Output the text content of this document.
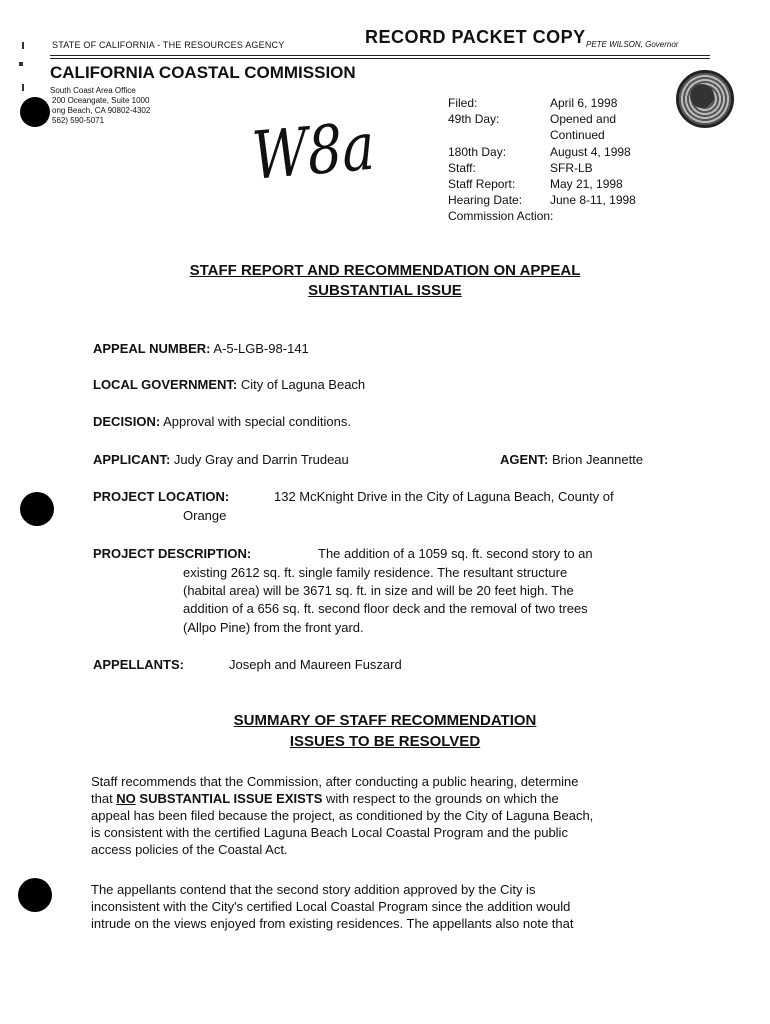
STATE OF CALIFORNIA - THE RESOURCES AGENCY	RECORD PACKET COPY PETE WILSON, Governor
CALIFORNIA COASTAL COMMISSION
South Coast Area Office
200 Oceangate, Suite 1000
ong Beach, CA 90802-4302
562) 590-5071 W8a
Filed:	April 6, 1998
49th Day:	Opened and
Continued
180th Day:	August 4, 1998
Staff:	SFR-LB
Staff Report:	May 21, 1998
Hearing Date: June 8-11, 1998
Commission Action:
STAFF REPORT AND RECOMMENDATION ON APPEAL
SUBSTANTIAL ISSUE
APPEAL NUMBER: A-5-LGB-98-141
LOCAL GOVERNMENT: City of Laguna Beach
DECISION: Approval with special conditions.
APPLICANT: Judy Gray and Darrin Trudeau	AGENT: Brion Jeannette
PROJECT LOCATION:	132 McKnight Drive in the City of Laguna Beach, County of
Orange
PROJECT DESCRIPTION:	The addition of a 1059 sq. ft. second story to an
existing 2612 sq. ft. single family residence. The resultant structure
(habital area) will be 3671 sq. ft. in size and will be 20 feet high. The
addition of a 656 sq. ft. second floor deck and the removal of two trees
(Allpo Pine) from the front yard.
APPELLANTS:	Joseph and Maureen Fuszard
SUMMARY OF STAFF RECOMMENDATION
ISSUES TO BE RESOLVED
Staff recommends that the Commission, after conducting a public hearing, determine
that NO SUBSTANTIAL ISSUE EXISTS with respect to the grounds on which the
appeal has been filed because the project, as conditioned by the City of Laguna Beach,
is consistent with the certified Laguna Beach Local Coastal Program and the public
access policies of the Coastal Act.
The appellants contend that the second story addition approved by the City is
inconsistent with the City's certified Local Coastal Program since the addition would
intrude on the views enjoyed from existing residences. The appellants also note that
